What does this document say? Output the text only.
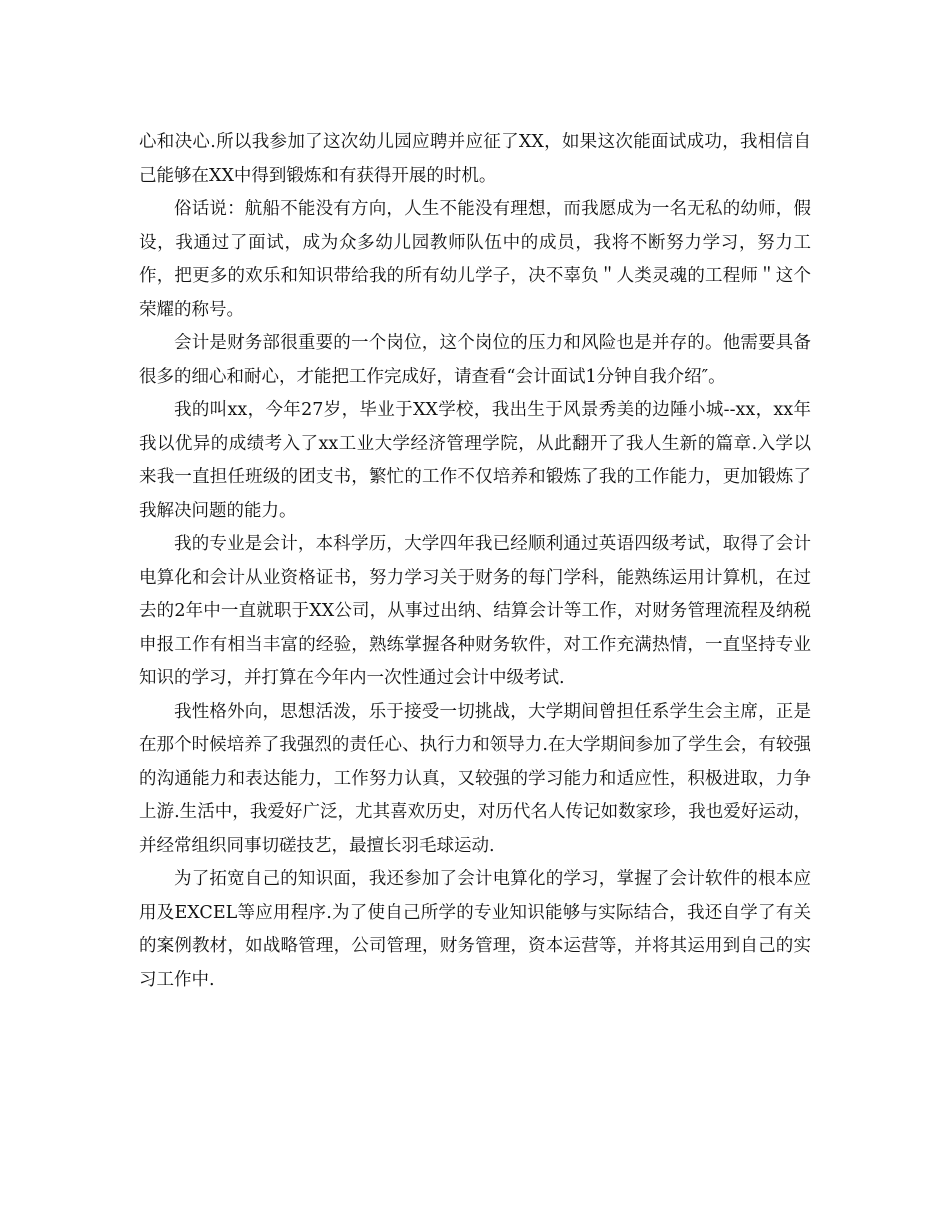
心和决心.所以我参加了这次幼儿园应聘并应征了XX，如果这次能面试成功，我相信自己能够在XX中得到锻炼和有获得开展的时机。

俗话说：航船不能没有方向，人生不能没有理想，而我愿成为一名无私的幼师，假设，我通过了面试，成为众多幼儿园教师队伍中的成员，我将不断努力学习，努力工作，把更多的欢乐和知识带给我的所有幼儿学子，决不辜负＂人类灵魂的工程师＂这个荣耀的称号。

会计是财务部很重要的一个岗位，这个岗位的压力和风险也是并存的。他需要具备很多的细心和耐心，才能把工作完成好，请查看“会计面试1分钟自我介绍″。

我的叫xx，今年27岁，毕业于XX学校，我出生于风景秀美的边陲小城--xx，xx年我以优异的成绩考入了xx工业大学经济管理学院，从此翻开了我人生新的篇章.入学以来我一直担任班级的团支书，繁忙的工作不仅培养和锻炼了我的工作能力，更加锻炼了我解决问题的能力。

我的专业是会计，本科学历，大学四年我已经顺利通过英语四级考试，取得了会计电算化和会计从业资格证书，努力学习关于财务的每门学科，能熟练运用计算机，在过去的2年中一直就职于XX公司，从事过出纳、结算会计等工作，对财务管理流程及纳税申报工作有相当丰富的经验，熟练掌握各种财务软件，对工作充满热情，一直坚持专业知识的学习，并打算在今年内一次性通过会计中级考试.

我性格外向，思想活泼，乐于接受一切挑战，大学期间曾担任系学生会主席，正是在那个时候培养了我强烈的责任心、执行力和领导力.在大学期间参加了学生会，有较强的沟通能力和表达能力，工作努力认真，又较强的学习能力和适应性，积极进取，力争上游.生活中，我爱好广泛，尤其喜欢历史，对历代名人传记如数家珍，我也爱好运动，并经常组织同事切磋技艺，最擅长羽毛球运动.

为了拓宽自己的知识面，我还参加了会计电算化的学习，掌握了会计软件的根本应用及EXCEL等应用程序.为了使自己所学的专业知识能够与实际结合，我还自学了有关的案例教材，如战略管理，公司管理，财务管理，资本运营等，并将其运用到自己的实习工作中.
